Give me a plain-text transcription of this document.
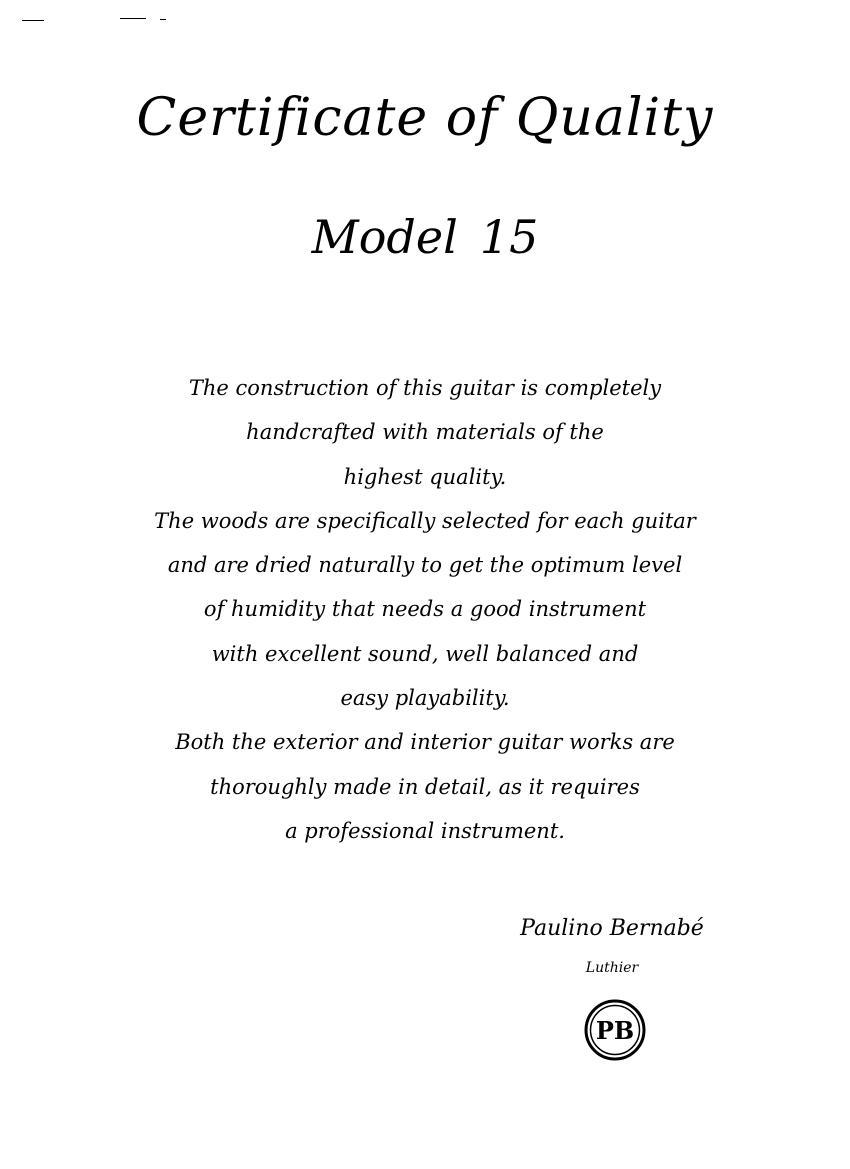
Certificate of Quality
Model 15
The construction of this guitar is completely
handcrafted with materials of the
highest quality.
The woods are specifically selected for each guitar
and are dried naturally to get the optimum level
of humidity that needs a good instrument
with excellent sound, well balanced and
easy playability.
Both the exterior and interior guitar works are
thoroughly made in detail, as it requires
a professional instrument.
Paulino Bernabé
Luthier
PB
